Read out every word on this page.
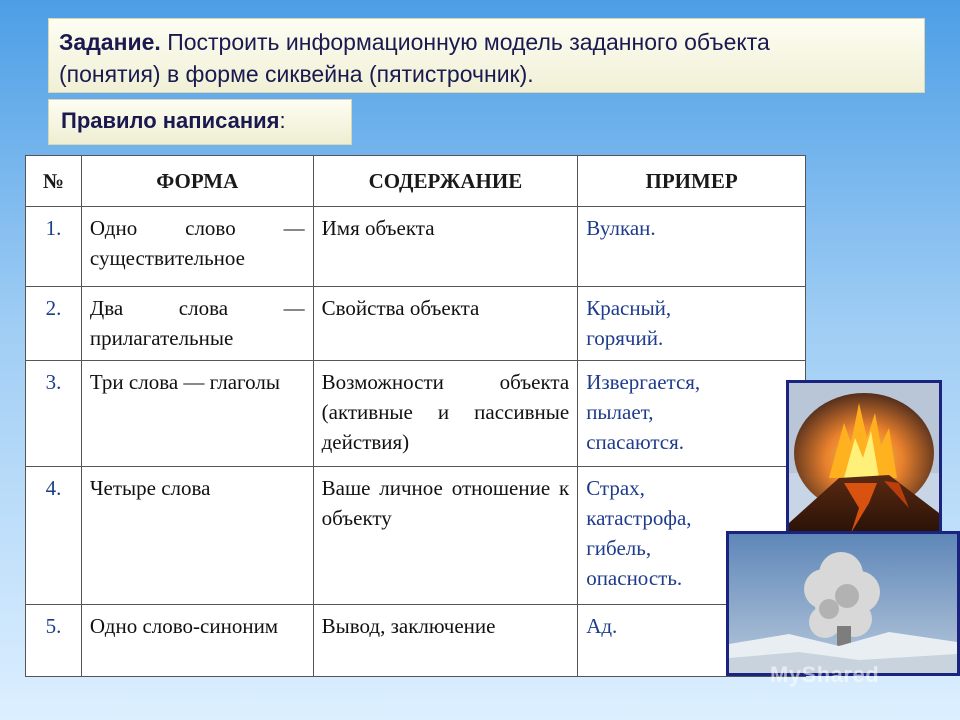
Задание. Построить информационную модель заданного объекта
(понятия) в форме сиквейна (пятистрочник).
Правило написания:
№	ФОРМА	СОДЕРЖАНИЕ	ПРИМЕР
1.	Одно слово — существительное	Имя объекта	Вулкан.
2.	Два слова — прилагательные	Свойства объекта	Красный, горячий.
3.	Три слова — глаголы	Возможности объекта (активные и пассивные действия)	Извергается, пылает, спасаются.
4.	Четыре слова	Ваше личное отношение к объекту	Страх, катастрофа, гибель, опасность.
5.	Одно слово-синоним	Вывод, заключение	Ад.
MyShared
